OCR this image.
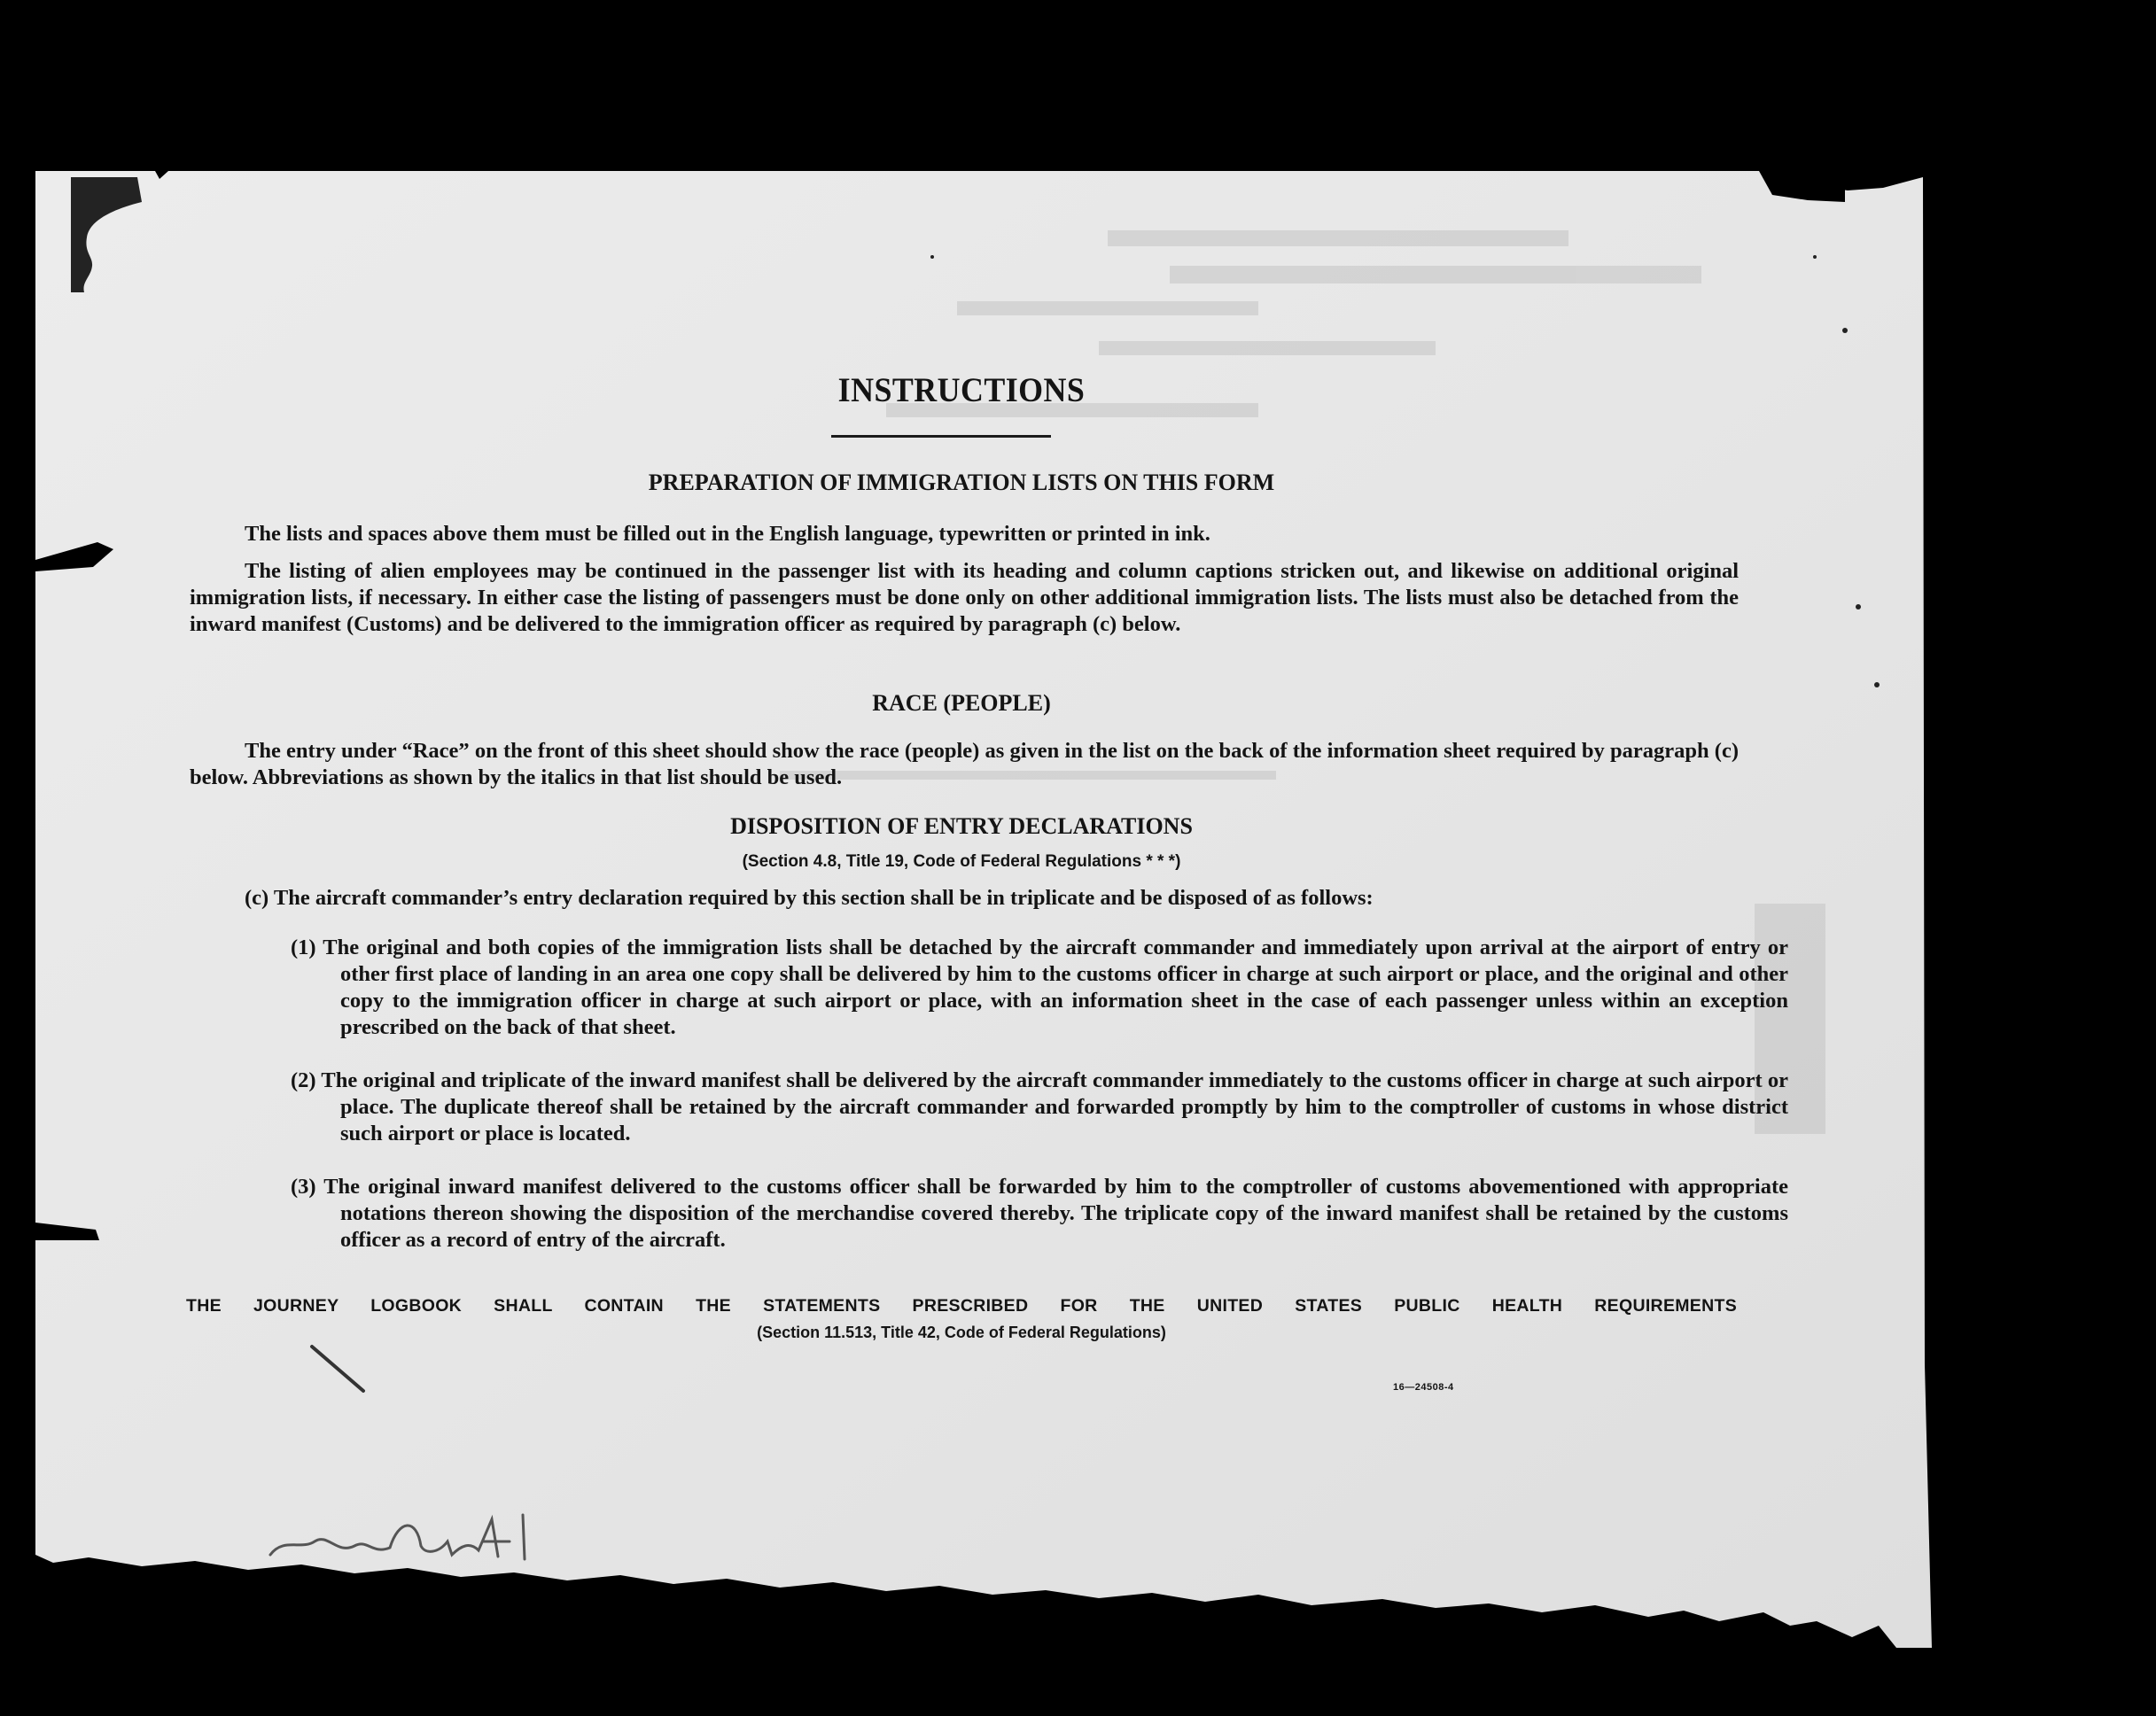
INSTRUCTIONS
PREPARATION OF IMMIGRATION LISTS ON THIS FORM

The lists and spaces above them must be filled out in the English language, typewritten or printed in ink.

The listing of alien employees may be continued in the passenger list with its heading and column captions stricken out, and likewise on additional original immigration lists, if necessary. In either case the listing of passengers must be done only on other additional immigration lists. The lists must also be detached from the inward manifest (Customs) and be delivered to the immigration officer as required by paragraph (c) below.

RACE (PEOPLE)

The entry under “Race” on the front of this sheet should show the race (people) as given in the list on the back of the information sheet required by paragraph (c) below. Abbreviations as shown by the italics in that list should be used.

DISPOSITION OF ENTRY DECLARATIONS
(Section 4.8, Title 19, Code of Federal Regulations * * *)

(c) The aircraft commander’s entry declaration required by this section shall be in triplicate and be disposed of as follows:

(1) The original and both copies of the immigration lists shall be detached by the aircraft commander and immediately upon arrival at the airport of entry or other first place of landing in an area one copy shall be delivered by him to the customs officer in charge at such airport or place, and the original and other copy to the immigration officer in charge at such airport or place, with an information sheet in the case of each passenger unless within an exception prescribed on the back of that sheet.

(2) The original and triplicate of the inward manifest shall be delivered by the aircraft commander immediately to the customs officer in charge at such airport or place. The duplicate thereof shall be retained by the aircraft commander and forwarded promptly by him to the comptroller of customs in whose district such airport or place is located.

(3) The original inward manifest delivered to the customs officer shall be forwarded by him to the comptroller of customs abovementioned with appropriate notations thereon showing the disposition of the merchandise covered thereby. The triplicate copy of the inward manifest shall be retained by the customs officer as a record of entry of the aircraft.

THE JOURNEY LOGBOOK SHALL CONTAIN THE STATEMENTS PRESCRIBED FOR THE UNITED STATES PUBLIC HEALTH REQUIREMENTS
(Section 11.513, Title 42, Code of Federal Regulations)
16—24508-4
